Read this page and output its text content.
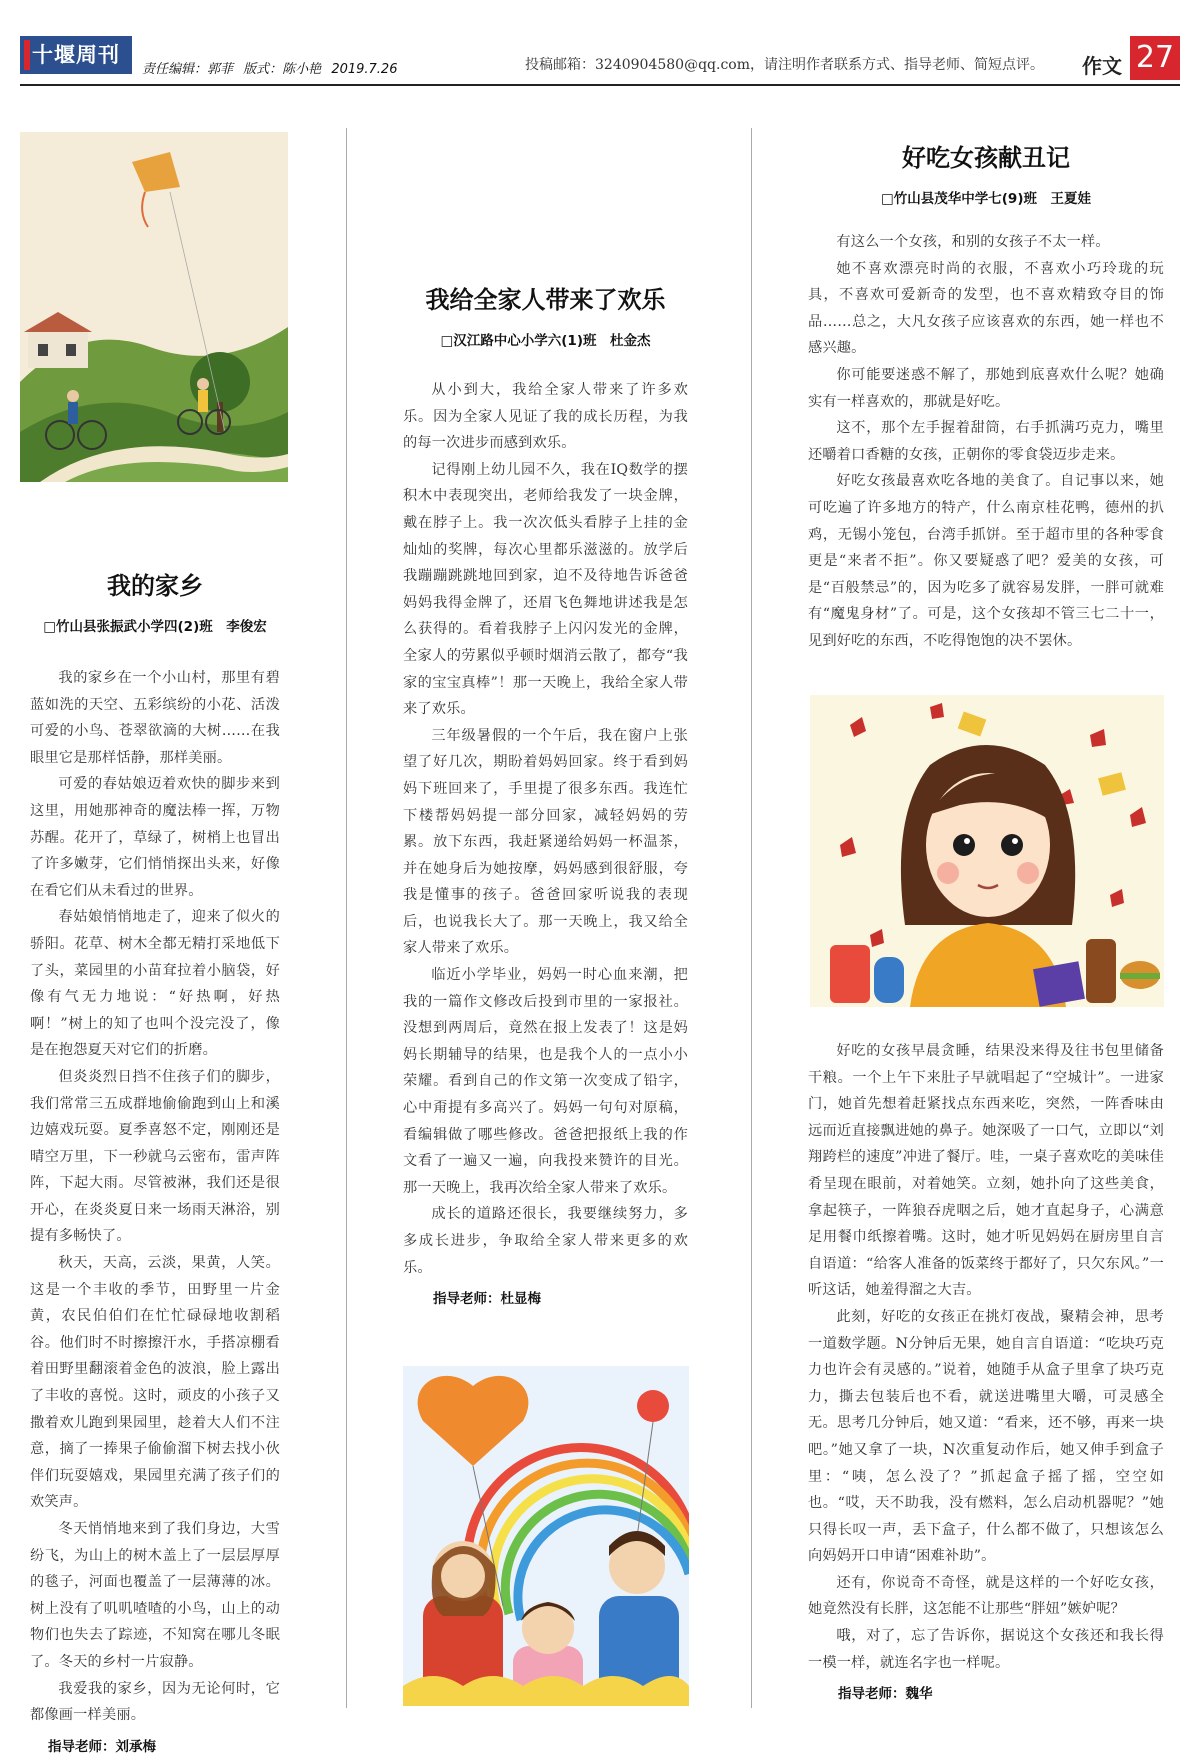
十堰周刊
责任编辑：郭菲 版式：陈小艳 2019.7.26	投稿邮箱：3240904580@qq.com，请注明作者联系方式、指导老师、简短点评。 作文 27
我的家乡
□竹山县张振武小学四(2)班　李俊宏

我的家乡在一个小山村，那里有碧蓝如洗的天空、五彩缤纷的小花、活泼可爱的小鸟、苍翠欲滴的大树……在我眼里它是那样恬静，那样美丽。

可爱的春姑娘迈着欢快的脚步来到这里，用她那神奇的魔法棒一挥，万物苏醒。花开了，草绿了，树梢上也冒出了许多嫩芽，它们悄悄探出头来，好像在看它们从未看过的世界。

春姑娘悄悄地走了，迎来了似火的骄阳。花草、树木全都无精打采地低下了头，菜园里的小苗耷拉着小脑袋，好像有气无力地说：“好热啊，好热啊！”树上的知了也叫个没完没了，像是在抱怨夏天对它们的折磨。

但炎炎烈日挡不住孩子们的脚步，我们常常三五成群地偷偷跑到山上和溪边嬉戏玩耍。夏季喜怒不定，刚刚还是晴空万里，下一秒就乌云密布，雷声阵阵，下起大雨。尽管被淋，我们还是很开心，在炎炎夏日来一场雨天淋浴，别提有多畅快了。

秋天，天高，云淡，果黄，人笑。这是一个丰收的季节，田野里一片金黄，农民伯伯们在忙忙碌碌地收割稻谷。他们时不时擦擦汗水，手搭凉棚看着田野里翻滚着金色的波浪，脸上露出了丰收的喜悦。这时，顽皮的小孩子又撒着欢儿跑到果园里，趁着大人们不注意，摘了一捧果子偷偷溜下树去找小伙伴们玩耍嬉戏，果园里充满了孩子们的欢笑声。

冬天悄悄地来到了我们身边，大雪纷飞，为山上的树木盖上了一层层厚厚的毯子，河面也覆盖了一层薄薄的冰。树上没有了叽叽喳喳的小鸟，山上的动物们也失去了踪迹，不知窝在哪儿冬眠了。冬天的乡村一片寂静。

我爱我的家乡，因为无论何时，它都像画一样美丽。

指导老师：刘承梅
我给全家人带来了欢乐
□汉江路中心小学六(1)班　杜金杰

从小到大，我给全家人带来了许多欢乐。因为全家人见证了我的成长历程，为我的每一次进步而感到欢乐。

记得刚上幼儿园不久，我在IQ数学的摆积木中表现突出，老师给我发了一块金牌，戴在脖子上。我一次次低头看脖子上挂的金灿灿的奖牌，每次心里都乐滋滋的。放学后我蹦蹦跳跳地回到家，迫不及待地告诉爸爸妈妈我得金牌了，还眉飞色舞地讲述我是怎么获得的。看着我脖子上闪闪发光的金牌，全家人的劳累似乎顿时烟消云散了，都夸“我家的宝宝真棒”！那一天晚上，我给全家人带来了欢乐。

三年级暑假的一个午后，我在窗户上张望了好几次，期盼着妈妈回家。终于看到妈妈下班回来了，手里提了很多东西。我连忙下楼帮妈妈提一部分回家，减轻妈妈的劳累。放下东西，我赶紧递给妈妈一杯温茶，并在她身后为她按摩，妈妈感到很舒服，夸我是懂事的孩子。爸爸回家听说我的表现后，也说我长大了。那一天晚上，我又给全家人带来了欢乐。

临近小学毕业，妈妈一时心血来潮，把我的一篇作文修改后投到市里的一家报社。没想到两周后，竟然在报上发表了！这是妈妈长期辅导的结果，也是我个人的一点小小荣耀。看到自己的作文第一次变成了铅字，心中甭提有多高兴了。妈妈一句句对原稿，看编辑做了哪些修改。爸爸把报纸上我的作文看了一遍又一遍，向我投来赞许的目光。那一天晚上，我再次给全家人带来了欢乐。

成长的道路还很长，我要继续努力，多多成长进步，争取给全家人带来更多的欢乐。

指导老师：杜显梅
好吃女孩献丑记
□竹山县茂华中学七(9)班　王夏娃

有这么一个女孩，和别的女孩子不太一样。

她不喜欢漂亮时尚的衣服，不喜欢小巧玲珑的玩具，不喜欢可爱新奇的发型，也不喜欢精致夺目的饰品……总之，大凡女孩子应该喜欢的东西，她一样也不感兴趣。

你可能要迷惑不解了，那她到底喜欢什么呢？她确实有一样喜欢的，那就是好吃。

这不，那个左手握着甜筒，右手抓满巧克力，嘴里还嚼着口香糖的女孩，正朝你的零食袋迈步走来。

好吃女孩最喜欢吃各地的美食了。自记事以来，她可吃遍了许多地方的特产，什么南京桂花鸭，德州的扒鸡，无锡小笼包，台湾手抓饼。至于超市里的各种零食更是“来者不拒”。你又要疑惑了吧？爱美的女孩，可是“百般禁忌”的，因为吃多了就容易发胖，一胖可就难有“魔鬼身材”了。可是，这个女孩却不管三七二十一，见到好吃的东西，不吃得饱饱的决不罢休。

好吃的女孩早晨贪睡，结果没来得及往书包里储备干粮。一个上午下来肚子早就唱起了“空城计”。一进家门，她首先想着赶紧找点东西来吃，突然，一阵香味由远而近直接飘进她的鼻子。她深吸了一口气，立即以“刘翔跨栏的速度”冲进了餐厅。哇，一桌子喜欢吃的美味佳肴呈现在眼前，对着她笑。立刻，她扑向了这些美食，拿起筷子，一阵狼吞虎咽之后，她才直起身子，心满意足用餐巾纸擦着嘴。这时，她才听见妈妈在厨房里自言自语道：“给客人准备的饭菜终于都好了，只欠东风。”一听这话，她羞得溜之大吉。

此刻，好吃的女孩正在挑灯夜战，聚精会神，思考一道数学题。N分钟后无果，她自言自语道：“吃块巧克力也许会有灵感的。”说着，她随手从盒子里拿了块巧克力，撕去包装后也不看，就送进嘴里大嚼，可灵感全无。思考几分钟后，她又道：“看来，还不够，再来一块吧。”她又拿了一块，N次重复动作后，她又伸手到盒子里：“咦，怎么没了？”抓起盒子摇了摇，空空如也。“哎，天不助我，没有燃料，怎么启动机器呢？”她只得长叹一声，丢下盒子，什么都不做了，只想该怎么向妈妈开口申请“困难补助”。

还有，你说奇不奇怪，就是这样的一个好吃女孩，她竟然没有长胖，这怎能不让那些“胖妞”嫉妒呢？

哦，对了，忘了告诉你，据说这个女孩还和我长得一模一样，就连名字也一样呢。

指导老师：魏华
